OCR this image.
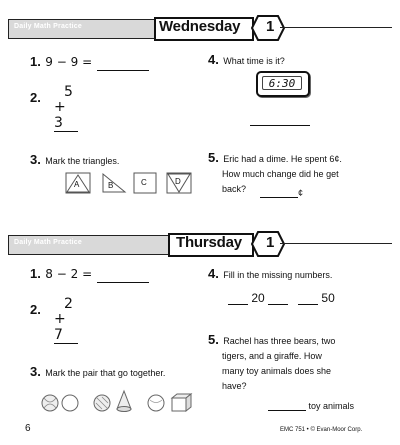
Daily Math Practice	Wednesday 1
1. 9 − 9 =
2. 5
+ 3
3. Mark the triangles.
A	B	C	D
4. What time is it?
6:30
5. Eric had a dime. He spent 6¢.
How much change did he get
back?	¢
Daily Math Practice	Thursday 1
1. 8 − 2 =
2. 2
+ 7
3. Mark the pair that go together.
4. Fill in the missing numbers.
20	50
5. Rachel has three bears, two
tigers, and a giraffe. How
many toy animals does she
have?
toy animals
6	EMC 751 • © Evan-Moor Corp.
